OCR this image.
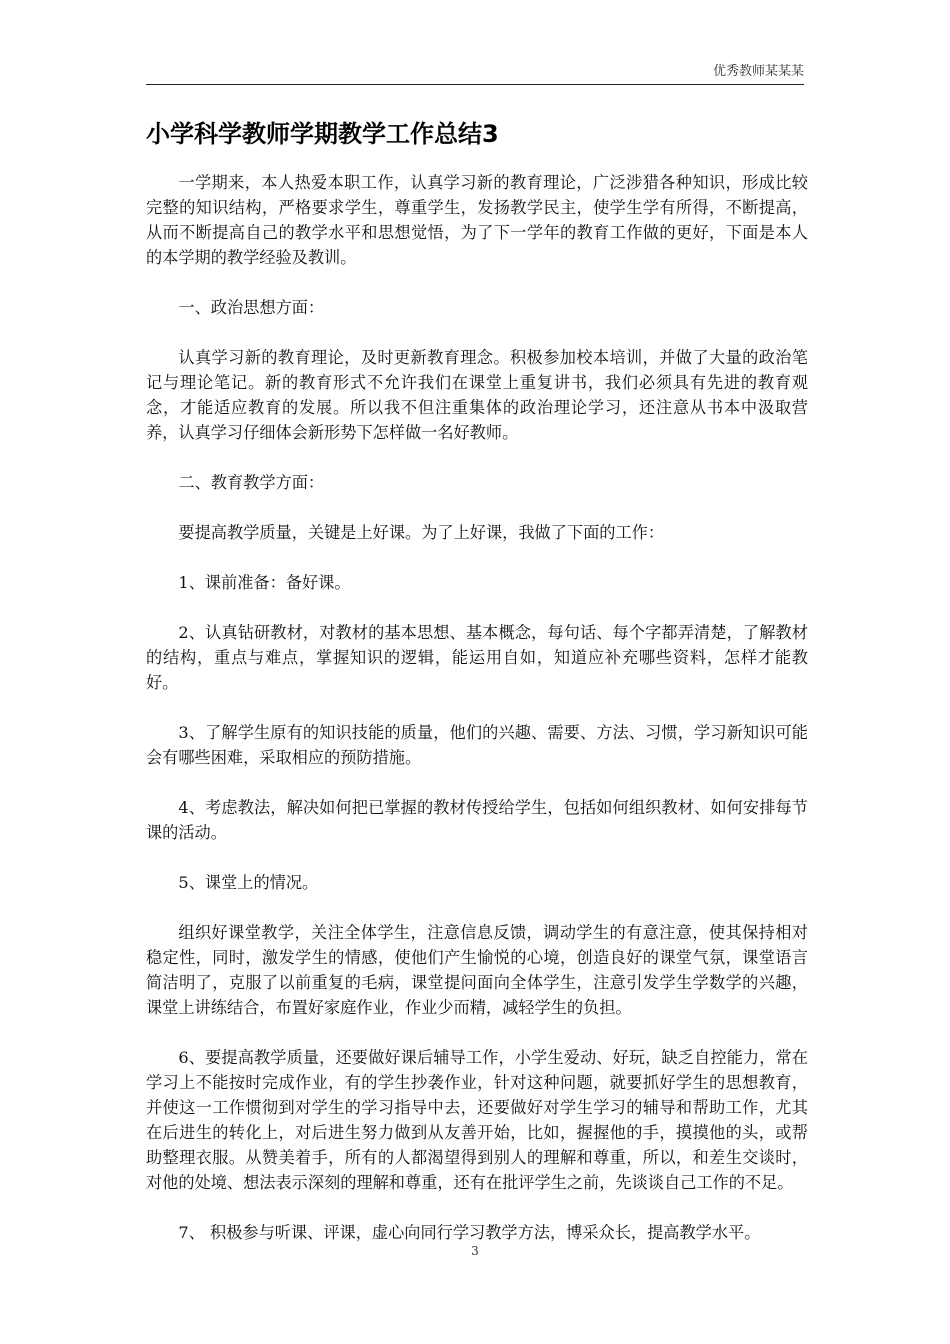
优秀教师某某某
小学科学教师学期教学工作总结3

一学期来，本人热爱本职工作，认真学习新的教育理论，广泛涉猎各种知识，形成比较完整的知识结构，严格要求学生，尊重学生，发扬教学民主，使学生学有所得，不断提高，从而不断提高自己的教学水平和思想觉悟，为了下一学年的教育工作做的更好，下面是本人的本学期的教学经验及教训。

一、政治思想方面：

认真学习新的教育理论，及时更新教育理念。积极参加校本培训，并做了大量的政治笔记与理论笔记。新的教育形式不允许我们在课堂上重复讲书，我们必须具有先进的教育观念，才能适应教育的发展。所以我不但注重集体的政治理论学习，还注意从书本中汲取营养，认真学习仔细体会新形势下怎样做一名好教师。

二、教育教学方面：

要提高教学质量，关键是上好课。为了上好课，我做了下面的工作：

1、课前准备：备好课。

2、认真钻研教材，对教材的基本思想、基本概念，每句话、每个字都弄清楚，了解教材的结构，重点与难点，掌握知识的逻辑，能运用自如，知道应补充哪些资料，怎样才能教好。

3、了解学生原有的知识技能的质量，他们的兴趣、需要、方法、习惯，学习新知识可能会有哪些困难，采取相应的预防措施。

4、考虑教法，解决如何把已掌握的教材传授给学生，包括如何组织教材、如何安排每节课的活动。

5、课堂上的情况。

组织好课堂教学，关注全体学生，注意信息反馈，调动学生的有意注意，使其保持相对稳定性，同时，激发学生的情感，使他们产生愉悦的心境，创造良好的课堂气氛，课堂语言简洁明了，克服了以前重复的毛病，课堂提问面向全体学生，注意引发学生学数学的兴趣，课堂上讲练结合，布置好家庭作业，作业少而精，减轻学生的负担。

6、要提高教学质量，还要做好课后辅导工作，小学生爱动、好玩，缺乏自控能力，常在学习上不能按时完成作业，有的学生抄袭作业，针对这种问题，就要抓好学生的思想教育，并使这一工作惯彻到对学生的学习指导中去，还要做好对学生学习的辅导和帮助工作，尤其在后进生的转化上，对后进生努力做到从友善开始，比如，握握他的手，摸摸他的头，或帮助整理衣服。从赞美着手，所有的人都渴望得到别人的理解和尊重，所以，和差生交谈时，对他的处境、想法表示深刻的理解和尊重，还有在批评学生之前，先谈谈自己工作的不足。

7、 积极参与听课、评课，虚心向同行学习教学方法，博采众长，提高教学水平。

3
